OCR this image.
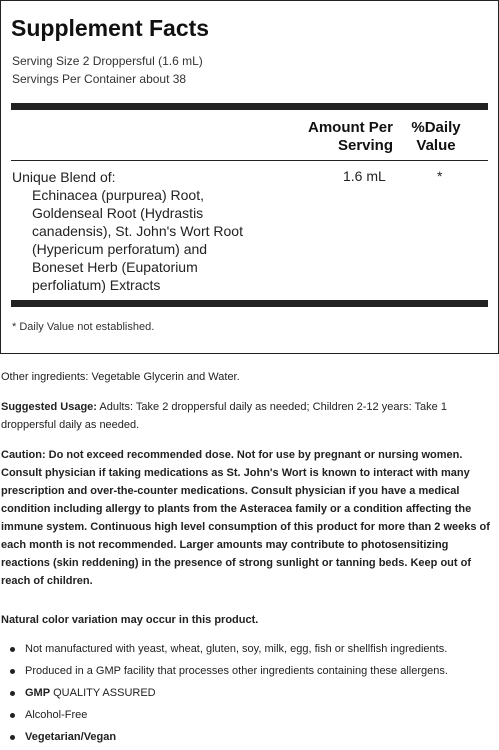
Supplement Facts
Serving Size 2 Droppersful (1.6 mL)
Servings Per Container about 38
Amount Per
Serving
%Daily
Value
Unique Blend of:
Echinacea (purpurea) Root,
Goldenseal Root (Hydrastis
canadensis), St. John's Wort Root
(Hypericum perforatum) and
Boneset Herb (Eupatorium
perfoliatum) Extracts
1.6 mL	*
* Daily Value not established.
Other ingredients: Vegetable Glycerin and Water.
Suggested Usage: Adults: Take 2 droppersful daily as needed; Children 2-12 years: Take 1 droppersful daily as needed.
Caution: Do not exceed recommended dose. Not for use by pregnant or nursing women. Consult physician if taking medications as St. John's Wort is known to interact with many prescription and over-the-counter medications. Consult physician if you have a medical condition including allergy to plants from the Asteracea family or a condition affecting the immune system. Continuous high level consumption of this product for more than 2 weeks of each month is not recommended. Larger amounts may contribute to photosensitizing reactions (skin reddening) in the presence of strong sunlight or tanning beds. Keep out of reach of children.
Natural color variation may occur in this product.
Not manufactured with yeast, wheat, gluten, soy, milk, egg, fish or shellfish ingredients.
Produced in a GMP facility that processes other ingredients containing these allergens.
GMP QUALITY ASSURED
Alcohol-Free
Vegetarian/Vegan
